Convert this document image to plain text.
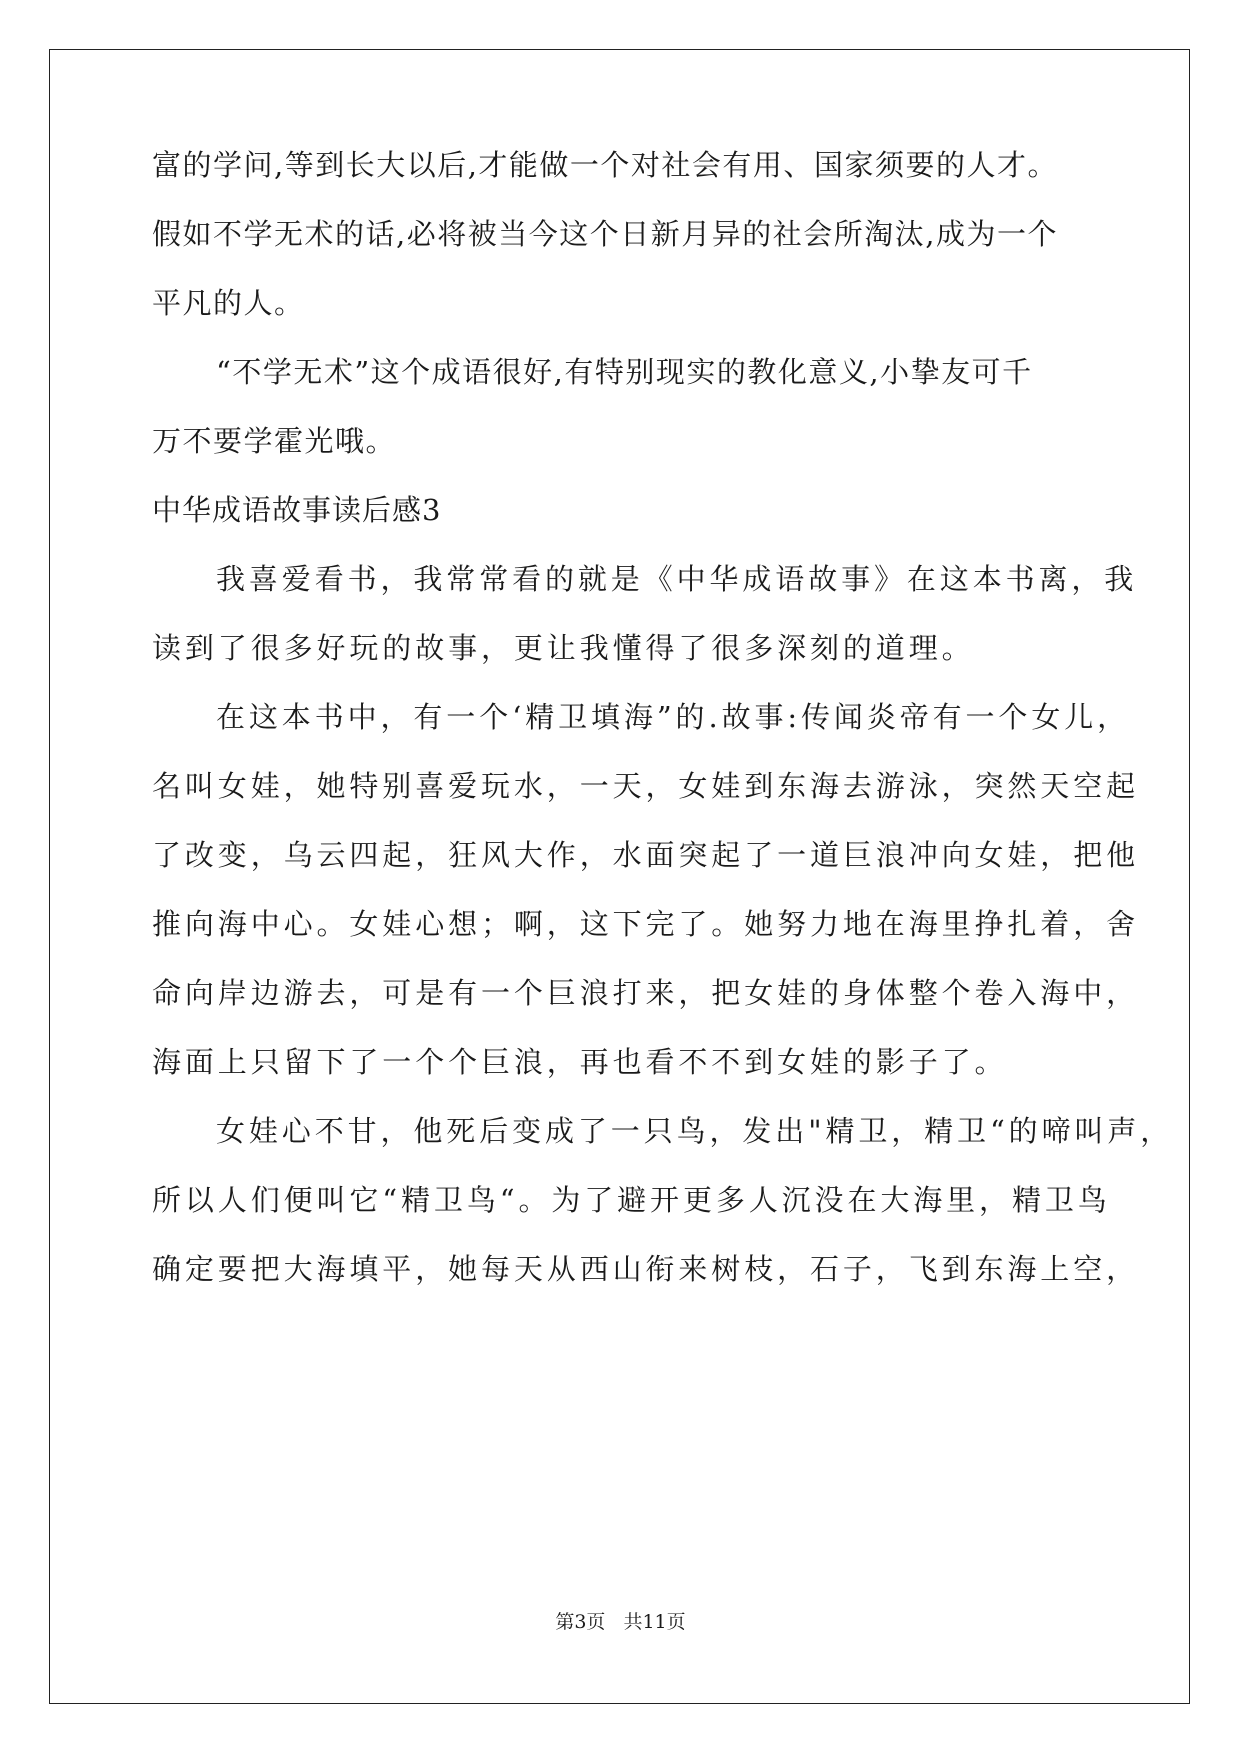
富的学问,等到长大以后,才能做一个对社会有用、国家须要的人才。
假如不学无术的话,必将被当今这个日新月异的社会所淘汰,成为一个
平凡的人。
“不学无术”这个成语很好,有特别现实的教化意义,小挚友可千
万不要学霍光哦。
中华成语故事读后感3
我喜爱看书，我常常看的就是《中华成语故事》在这本书离，我
读到了很多好玩的故事，更让我懂得了很多深刻的道理。
在这本书中，有一个‘精卫填海”的.故事:传闻炎帝有一个女儿，
名叫女娃，她特别喜爱玩水，一天，女娃到东海去游泳，突然天空起
了改变，乌云四起，狂风大作，水面突起了一道巨浪冲向女娃，把他
推向海中心。女娃心想；啊，这下完了。她努力地在海里挣扎着，舍
命向岸边游去，可是有一个巨浪打来，把女娃的身体整个卷入海中，
海面上只留下了一个个巨浪，再也看不不到女娃的影子了。
女娃心不甘，他死后变成了一只鸟，发出"精卫，精卫“的啼叫声，
所以人们便叫它“精卫鸟“。为了避开更多人沉没在大海里，精卫鸟
确定要把大海填平，她每天从西山衔来树枝，石子，飞到东海上空，
第3页 共11页
